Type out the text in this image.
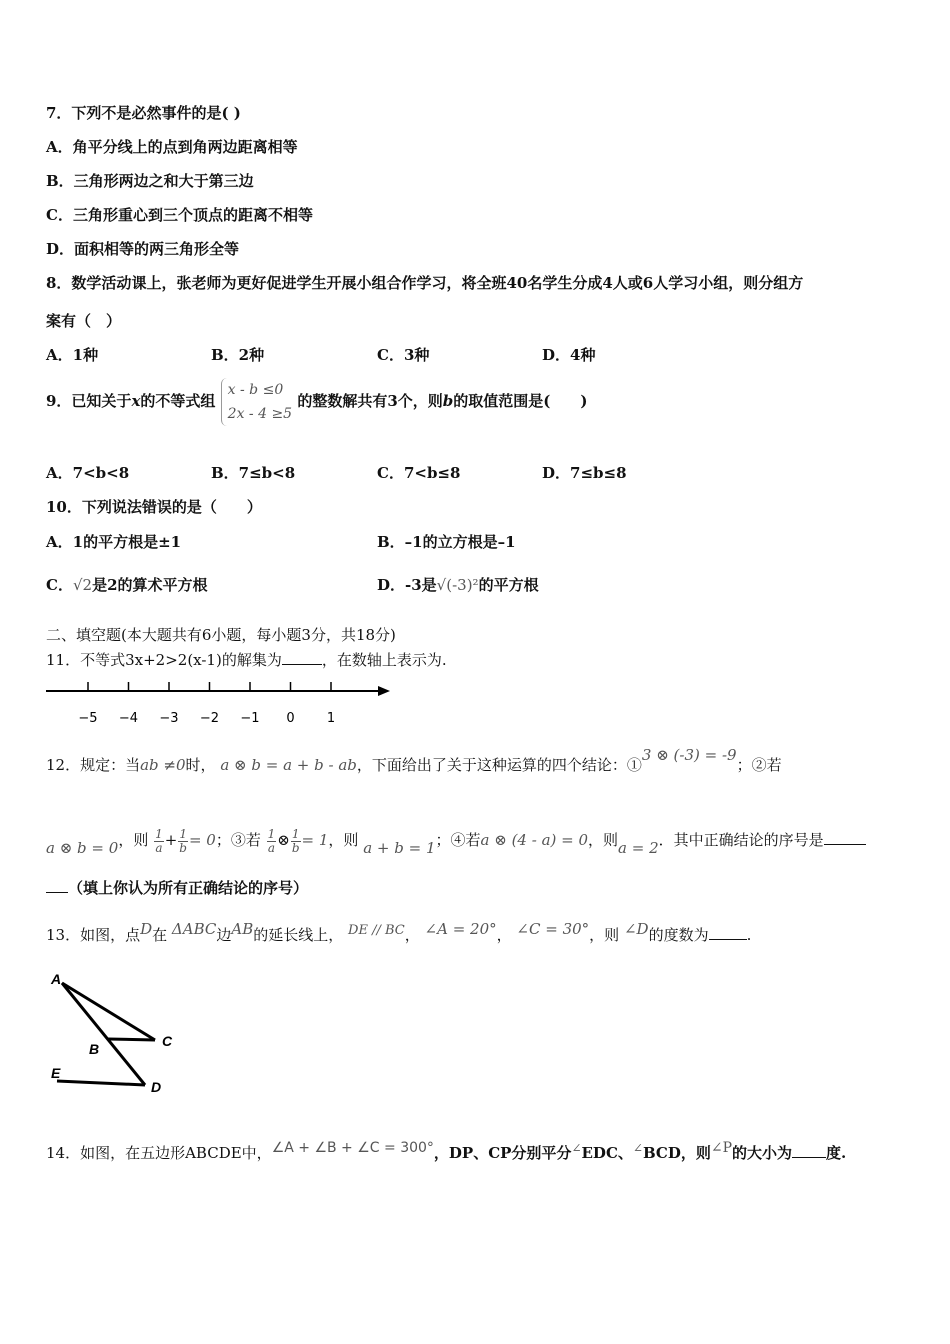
7．下列不是必然事件的是( )
A．角平分线上的点到角两边距离相等
B．三角形两边之和大于第三边
C．三角形重心到三个顶点的距离不相等
D．面积相等的两三角形全等
8．数学活动课上，张老师为更好促进学生开展小组合作学习，将全班40名学生分成4人或6人学习小组，则分组方
案有（　）
A．1种	B．2种	C．3种	D．4种
9．已知关于x的不等式组
x - b ≤0
2x - 4 ≥5
的整数解共有3个，则b的取值范围是(　　)
A．7<b<8	B．7≤b<8	C．7<b≤8	D．7≤b≤8
10．下列说法错误的是（　　）
A．1的平方根是±1	B．–1的立方根是–1
C．√2是2的算术平方根	D．-3是√(-3)²的平方根
二、填空题(本大题共有6小题，每小题3分，共18分)
11．不等式3x+2>2(x-1)的解集为	，在数轴上表示为.
−5 −4 −3 −2 −1 0 1
12．规定：当ab ≠0时， a ⊗ b = a + b - ab，下面给出了关于这种运算的四个结论：①3 ⊗ (-3) = -9；②若
a ⊗ b = 0，则 $\frac{1}{a} + \frac{1}{b} = 0$；③若 $\frac{1}{a}$ ⊗ $\frac{1}{b} = 1$，则 a + b = 1；④若a ⊗ (4 - a) = 0，则a = 2．其中正确结论的序号是
（填上你认为所有正确结论的序号）
13．如图，点D在 ΔABC边AB的延长线上， DE // BC， ∠A = 20°， ∠C = 30°，则 ∠D的度数为	.
A
B	C
D
E
14．如图，在五边形ABCDE中，∠A + ∠B + ∠C = 300°，DP、CP分别平分∠EDC、∠BCD，则∠P的大小为 度.
